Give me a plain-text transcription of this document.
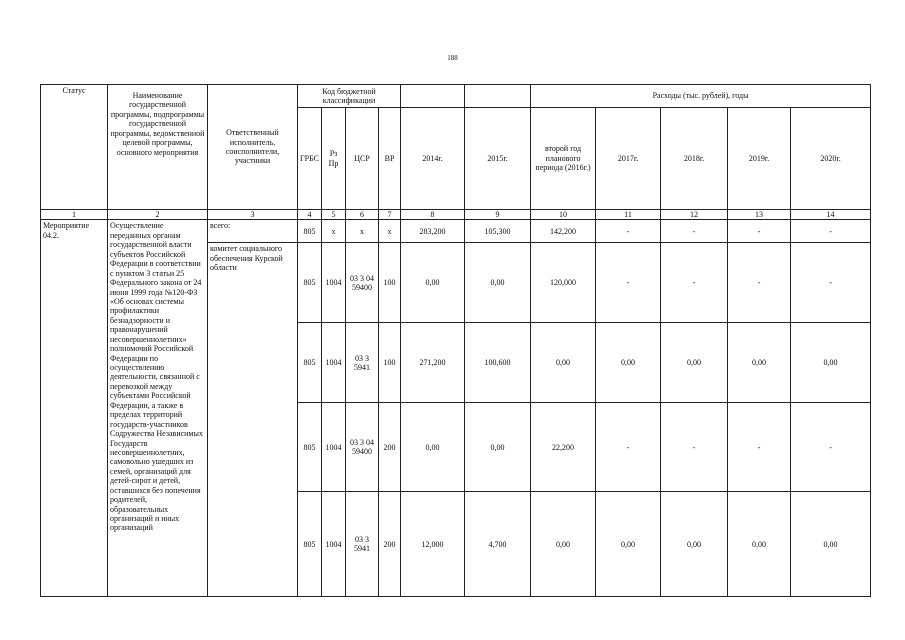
188
Статус	Наименование государственной программы, подпрограммы государственной программы, ведомственной целевой программы, основного мероприятия	Ответственный исполнитель, соисполнители, участники	Код бюджетной классификации						Расходы (тыс. рублей), годы				
			ГРБС	Рз Пр	ЦСР	ВР	2014г.	2015г.	второй год планового периода (2016г.)	2017г.	2018г.	2019г.	2020г.
1	2	3	4	5	6	7	8	9	10	11	12	13	14
Мероприятие 04.2.	Осуществление переданных органам государственной власти субъектов Российской Федерации в соответствии с пунктом 3 статьи 25 Федерального закона от 24 июня 1999 года №120-ФЗ «Об основах системы профилактики безнадзорности и правонарушений несовершеннолетних» полномочий Российской Федерации по осуществлению деятельности, связанной с перевозкой между субъектами Российской Федерации, а также в пределах территорий государств-участников Содружества Независимых Государств несовершеннолетних, самовольно ушедших из семей, организаций для детей-сирот и детей, оставшихся без попечения родителей, образовательных организаций и иных организаций	всего:	805	х	х	х	283,200	105,300	142,200	-	-	-	-
		комитет социального обеспечения Курской области	805	1004	03 3 04 59400	100	0,00	0,00	120,000	-	-	-	-
			805	1004	03 3 5941	100	271,200	100,600	0,00	0,00	0,00	0,00	0,00
			805	1004	03 3 04 59400	200	0,00	0,00	22,200	-	-	-	-
			805	1004	03 3 5941	200	12,000	4,700	0,00	0,00	0,00	0,00	0,00
